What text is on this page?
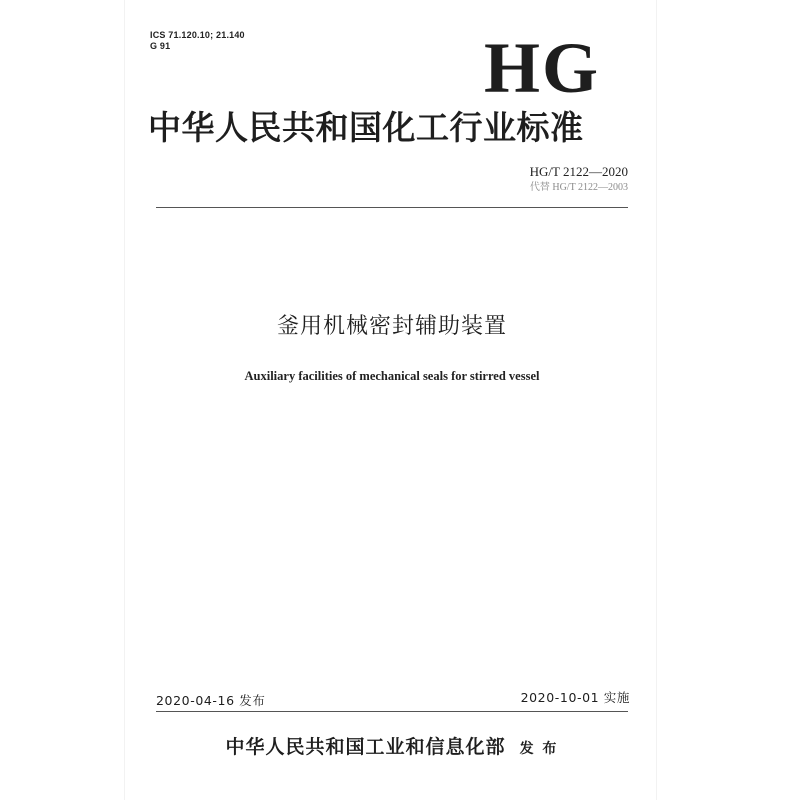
ICS 71.120.10; 21.140
G 91	HG
中华人民共和国化工行业标准
HG/T 2122—2020
代替 HG/T 2122—2003
釜用机械密封辅助装置
Auxiliary facilities of mechanical seals for stirred vessel
2020-04-16 发布	2020-10-01 实施
中华人民共和国工业和信息化部 发 布
